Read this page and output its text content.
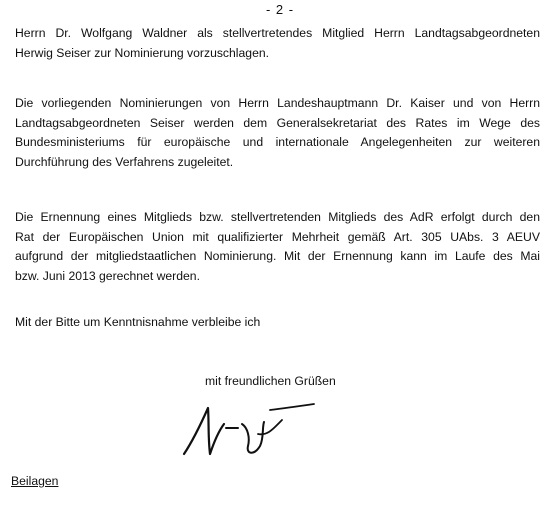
- 2 -

Herrn Dr. Wolfgang Waldner als stellvertretendes Mitglied Herrn Landtagsabgeordneten
Herwig Seiser zur Nominierung vorzuschlagen.

Die vorliegenden Nominierungen von Herrn Landeshauptmann Dr. Kaiser und von Herrn
Landtagsabgeordneten Seiser werden dem Generalsekretariat des Rates im Wege des
Bundesministeriums für europäische und internationale Angelegenheiten zur weiteren
Durchführung des Verfahrens zugeleitet.

Die Ernennung eines Mitglieds bzw. stellvertretenden Mitglieds des AdR erfolgt durch den
Rat der Europäischen Union mit qualifizierter Mehrheit gemäß Art. 305 UAbs. 3 AEUV
aufgrund der mitgliedstaatlichen Nominierung. Mit der Ernennung kann im Laufe des Mai
bzw. Juni 2013 gerechnet werden.

Mit der Bitte um Kenntnisnahme verbleibe ich

mit freundlichen Grüßen
Beilagen
